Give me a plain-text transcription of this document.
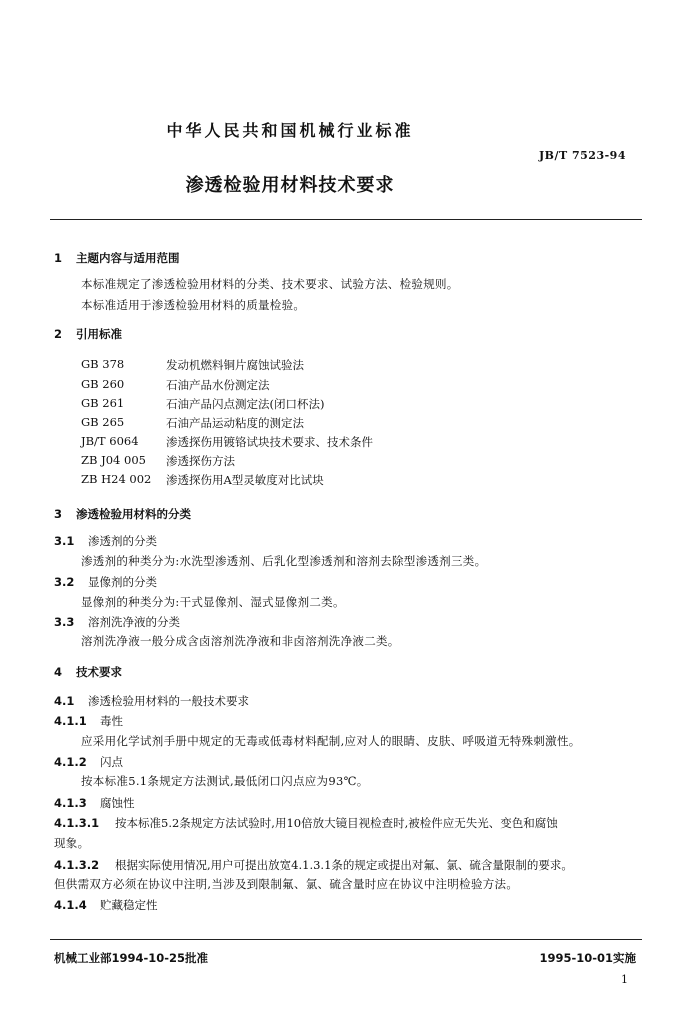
中华人民共和国机械行业标准
JB/T 7523-94
渗透检验用材料技术要求
1 主题内容与适用范围
本标准规定了渗透检验用材料的分类、技术要求、试验方法、检验规则。
本标准适用于渗透检验用材料的质量检验。
2 引用标准
GB 378	发动机燃料铜片腐蚀试验法
GB 260	石油产品水份测定法
GB 261	石油产品闪点测定法(闭口杯法)
GB 265	石油产品运动粘度的测定法
JB/T 6064 渗透探伤用镀铬试块技术要求、技术条件
ZB J04 005 渗透探伤方法
ZB H24 002 渗透探伤用A型灵敏度对比试块
3 渗透检验用材料的分类
3.1 渗透剂的分类
渗透剂的种类分为:水洗型渗透剂、后乳化型渗透剂和溶剂去除型渗透剂三类。
3.2 显像剂的分类
显像剂的种类分为:干式显像剂、湿式显像剂二类。
3.3 溶剂洗净液的分类
溶剂洗净液一般分成含卤溶剂洗净液和非卤溶剂洗净液二类。
4 技术要求
4.1 渗透检验用材料的一般技术要求
4.1.1 毒性
应采用化学试剂手册中规定的无毒或低毒材料配制,应对人的眼睛、皮肤、呼吸道无特殊刺激性。
4.1.2 闪点
按本标准5.1条规定方法测试,最低闭口闪点应为93℃。
4.1.3 腐蚀性
4.1.3.1 按本标准5.2条规定方法试验时,用10倍放大镜目视检查时,被检件应无失光、变色和腐蚀
现象。
4.1.3.2 根据实际使用情况,用户可提出放宽4.1.3.1条的规定或提出对氟、氯、硫含量限制的要求。
但供需双方必须在协议中注明,当涉及到限制氟、氯、硫含量时应在协议中注明检验方法。
4.1.4 贮藏稳定性
机械工业部1994-10-25批准	1995-10-01实施
1
